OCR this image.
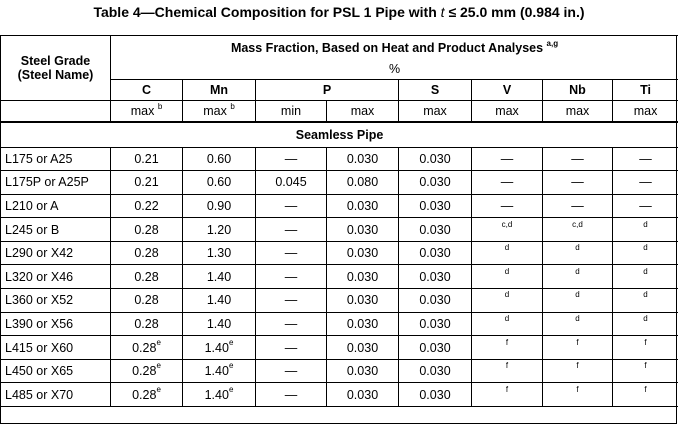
Table 4—Chemical Composition for PSL 1 Pipe with t ≤ 25.0 mm (0.984 in.)
Steel Grade
(Steel Name)	Mass Fraction, Based on Heat and Product Analyses $^{a,g}$
	%							
	C	Mn	P		S	V	Nb	Ti
	max $^b$	max $^b$	min	max	max	max	max	max
Seamless Pipe								
L175 or A25	0.21	0.60	—	0.030	0.030	—	—	—
L175P or A25P	0.21	0.60	0.045	0.080	0.030	—	—	—
L210 or A	0.22	0.90	—	0.030	0.030	—	—	—
L245 or B	0.28	1.20	—	0.030	0.030	$^{c,d}$	$^{c,d}$	$^d$
L290 or X42	0.28	1.30	—	0.030	0.030	$^d$	$^d$	$^d$
L320 or X46	0.28	1.40	—	0.030	0.030	$^d$	$^d$	$^d$
L360 or X52	0.28	1.40	—	0.030	0.030	$^d$	$^d$	$^d$
L390 or X56	0.28	1.40	—	0.030	0.030	$^d$	$^d$	$^d$
L415 or X60	0.28e	1.40e	—	0.030	0.030	$^f$	$^f$	$^f$
L450 or X65	0.28e	1.40e	—	0.030	0.030	$^f$	$^f$	$^f$
L485 or X70	0.28e	1.40e	—	0.030	0.030	$^f$	$^f$	$^f$
